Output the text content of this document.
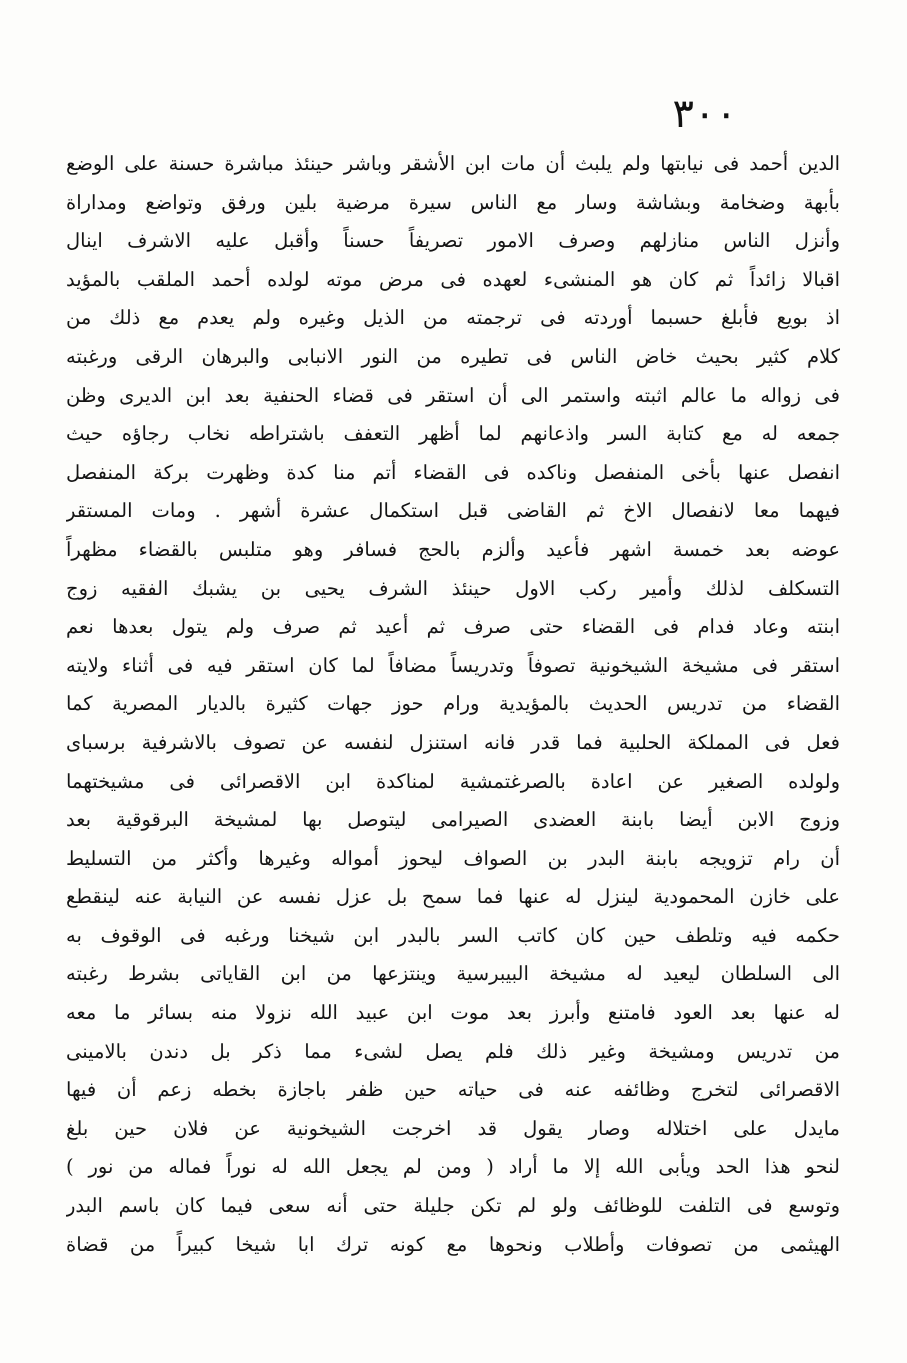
٣٠٠
الدين أحمد فى نيابتها ولم يلبث أن مات ابن الأشقر وباشر حينئذ مباشرة حسنة على الوضع
بأبهة وضخامة وبشاشة وسار مع الناس سيرة مرضية بلين ورفق وتواضع ومداراة
وأنزل الناس منازلهم وصرف الامور تصريفاً حسناً وأقبل عليه الاشرف اينال
اقبالا زائداً ثم كان هو المنشىء لعهده فى مرض موته لولده أحمد الملقب بالمؤيد
اذ بويع فأبلغ حسبما أوردته فى ترجمته من الذيل وغيره ولم يعدم مع ذلك من
كلام كثير بحيث خاض الناس فى تطيره من النور الانبابى والبرهان الرقى ورغبته
فى زواله ما عالم اثبته واستمر الى أن استقر فى قضاء الحنفية بعد ابن الديرى وظن
جمعه له مع كتابة السر واذعانهم لما أظهر التعفف باشتراطه نخاب رجاؤه حيث
انفصل عنها بأخى المنفصل وناكده فى القضاء أتم منا كدة وظهرت بركة المنفصل
فيهما معا لانفصال الاخ ثم القاضى قبل استكمال عشرة أشهر . ومات المستقر
عوضه بعد خمسة اشهر فأعيد وألزم بالحج فسافر وهو متلبس بالقضاء مظهراً
التسكلف لذلك وأمير ركب الاول حينئذ الشرف يحيى بن يشبك الفقيه زوج
ابنته وعاد فدام فى القضاء حتى صرف ثم أعيد ثم صرف ولم يتول بعدها نعم
استقر فى مشيخة الشيخونية تصوفاً وتدريساً مضافاً لما كان استقر فيه فى أثناء ولايته
القضاء من تدريس الحديث بالمؤيدية ورام حوز جهات كثيرة بالديار المصرية كما
فعل فى المملكة الحلبية فما قدر فانه استنزل لنفسه عن تصوف بالاشرفية برسباى
ولولده الصغير عن اعادة بالصرغتمشية لمناكدة ابن الاقصرائى فى مشيختهما
وزوج الابن أيضا بابنة العضدى الصيرامى ليتوصل بها لمشيخة البرقوقية بعد
أن رام تزويجه بابنة البدر بن الصواف ليحوز أمواله وغيرها وأكثر من التسليط
على خازن المحمودية لينزل له عنها فما سمح بل عزل نفسه عن النيابة عنه لينقطع
حكمه فيه وتلطف حين كان كاتب السر بالبدر ابن شيخنا ورغبه فى الوقوف به
الى السلطان ليعيد له مشيخة البيبرسية وينتزعها من ابن القاياتى بشرط رغبته
له عنها بعد العود فامتنع وأبرز بعد موت ابن عبيد الله نزولا منه بسائر ما معه
من تدريس ومشيخة وغير ذلك فلم يصل لشىء مما ذكر بل دندن بالامينى
الاقصرائى لتخرج وظائفه عنه فى حياته حين ظفر باجازة بخطه زعم أن فيها
مايدل على اختلاله وصار يقول قد اخرجت الشيخونية عن فلان حين بلغ
لنحو هذا الحد ويأبى الله إلا ما أراد ( ومن لم يجعل الله له نوراً فماله من نور )
وتوسع فى التلفت للوظائف ولو لم تكن جليلة حتى أنه سعى فيما كان باسم البدر
الهيثمى من تصوفات وأطلاب ونحوها مع كونه ترك ابا شيخا كبيراً من قضاة
